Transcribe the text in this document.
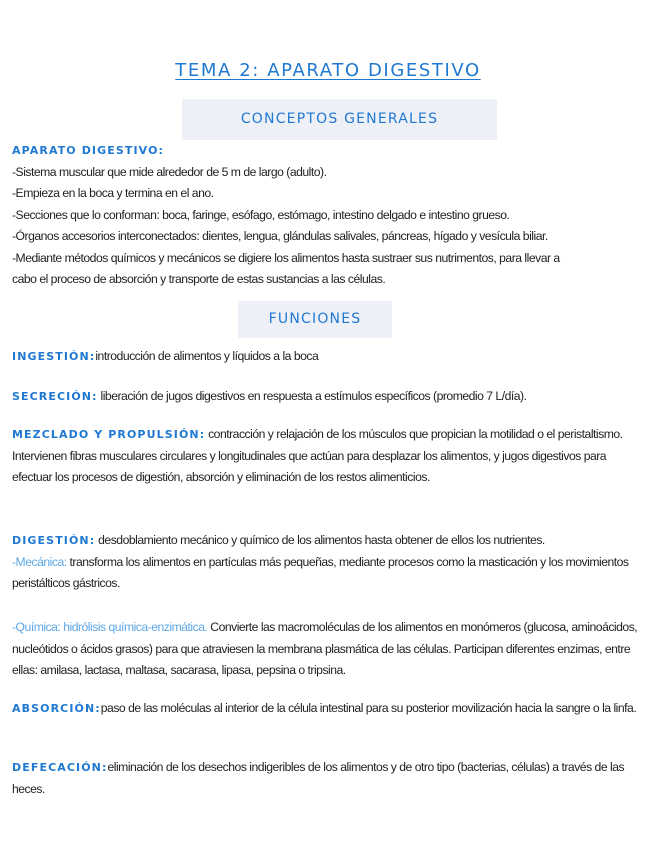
TEMA 2: APARATO DIGESTIVO
CONCEPTOS GENERALES
APARATO DIGESTIVO:
-Sistema muscular que mide alrededor de 5 m de largo (adulto).
-Empieza en la boca y termina en el ano.
-Secciones que lo conforman: boca, faringe, esófago, estómago, intestino delgado e intestino grueso.
-Órganos accesorios interconectados: dientes, lengua, glándulas salivales, páncreas, hígado y vesícula biliar.
-Mediante métodos químicos y mecánicos se digiere los alimentos hasta sustraer sus nutrimentos, para llevar a
cabo el proceso de absorción y transporte de estas sustancias a las células.
FUNCIONES
INGESTIÓN:introducción de alimentos y líquidos a la boca
SECRECIÓN: liberación de jugos digestivos en respuesta a estímulos específicos (promedio 7 L/día).
MEZCLADO Y PROPULSIÓN: contracción y relajación de los músculos que propician la motilidad o el peristaltismo. Intervienen fibras musculares circulares y longitudinales que actúan para desplazar los alimentos, y jugos digestivos para efectuar los procesos de digestión, absorción y eliminación de los restos alimenticios.
DIGESTIÓN: desdoblamiento mecánico y químico de los alimentos hasta obtener de ellos los nutrientes.
-Mecánica: transforma los alimentos en partículas más pequeñas, mediante procesos como la masticación y los movimientos peristálticos gástricos.
-Química: hidrólisis química-enzimática. Convierte las macromoléculas de los alimentos en monómeros (glucosa, aminoácidos, nucleótidos o ácidos grasos) para que atraviesen la membrana plasmática de las células. Participan diferentes enzimas, entre ellas: amilasa, lactasa, maltasa, sacarasa, lipasa, pepsina o tripsina.
ABSORCIÓN:paso de las moléculas al interior de la célula intestinal para su posterior movilización hacia la sangre o la linfa.
DEFECACIÓN:eliminación de los desechos indigeribles de los alimentos y de otro tipo (bacterias, células) a través de las heces.
